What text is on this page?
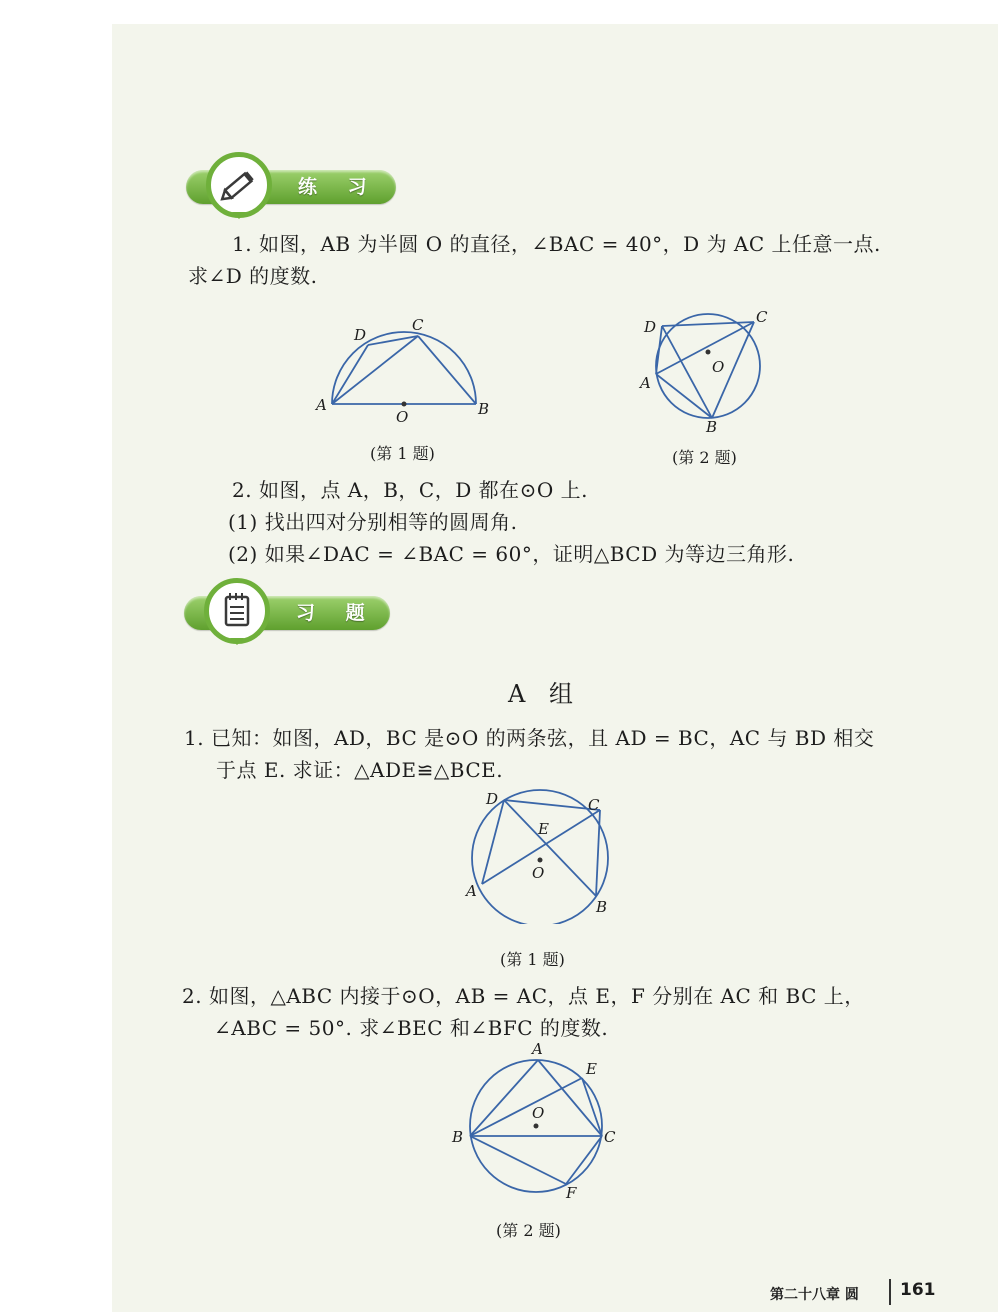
练 习
1. 如图，AB 为半圆 O 的直径，∠BAC = 40°，D 为 AC 上任意一点.
求∠D 的度数.
A	B
C
D
O
(第 1 题)
D
C
A
B
O
(第 2 题)
2. 如图，点 A，B，C，D 都在⊙O 上.
(1) 找出四对分别相等的圆周角.
(2) 如果∠DAC = ∠BAC = 60°，证明△BCD 为等边三角形.
习 题
A 组
1. 已知：如图，AD，BC 是⊙O 的两条弦，且 AD = BC，AC 与 BD 相交
于点 E. 求证：△ADE≌△BCE.
D	C
E
O
A
B
(第 1 题)
2. 如图，△ABC 内接于⊙O，AB = AC，点 E，F 分别在 AC 和 BC 上，
∠ABC = 50°. 求∠BEC 和∠BFC 的度数.
A
E
O
B	C
F
(第 2 题)
第二十八章 圆 161
